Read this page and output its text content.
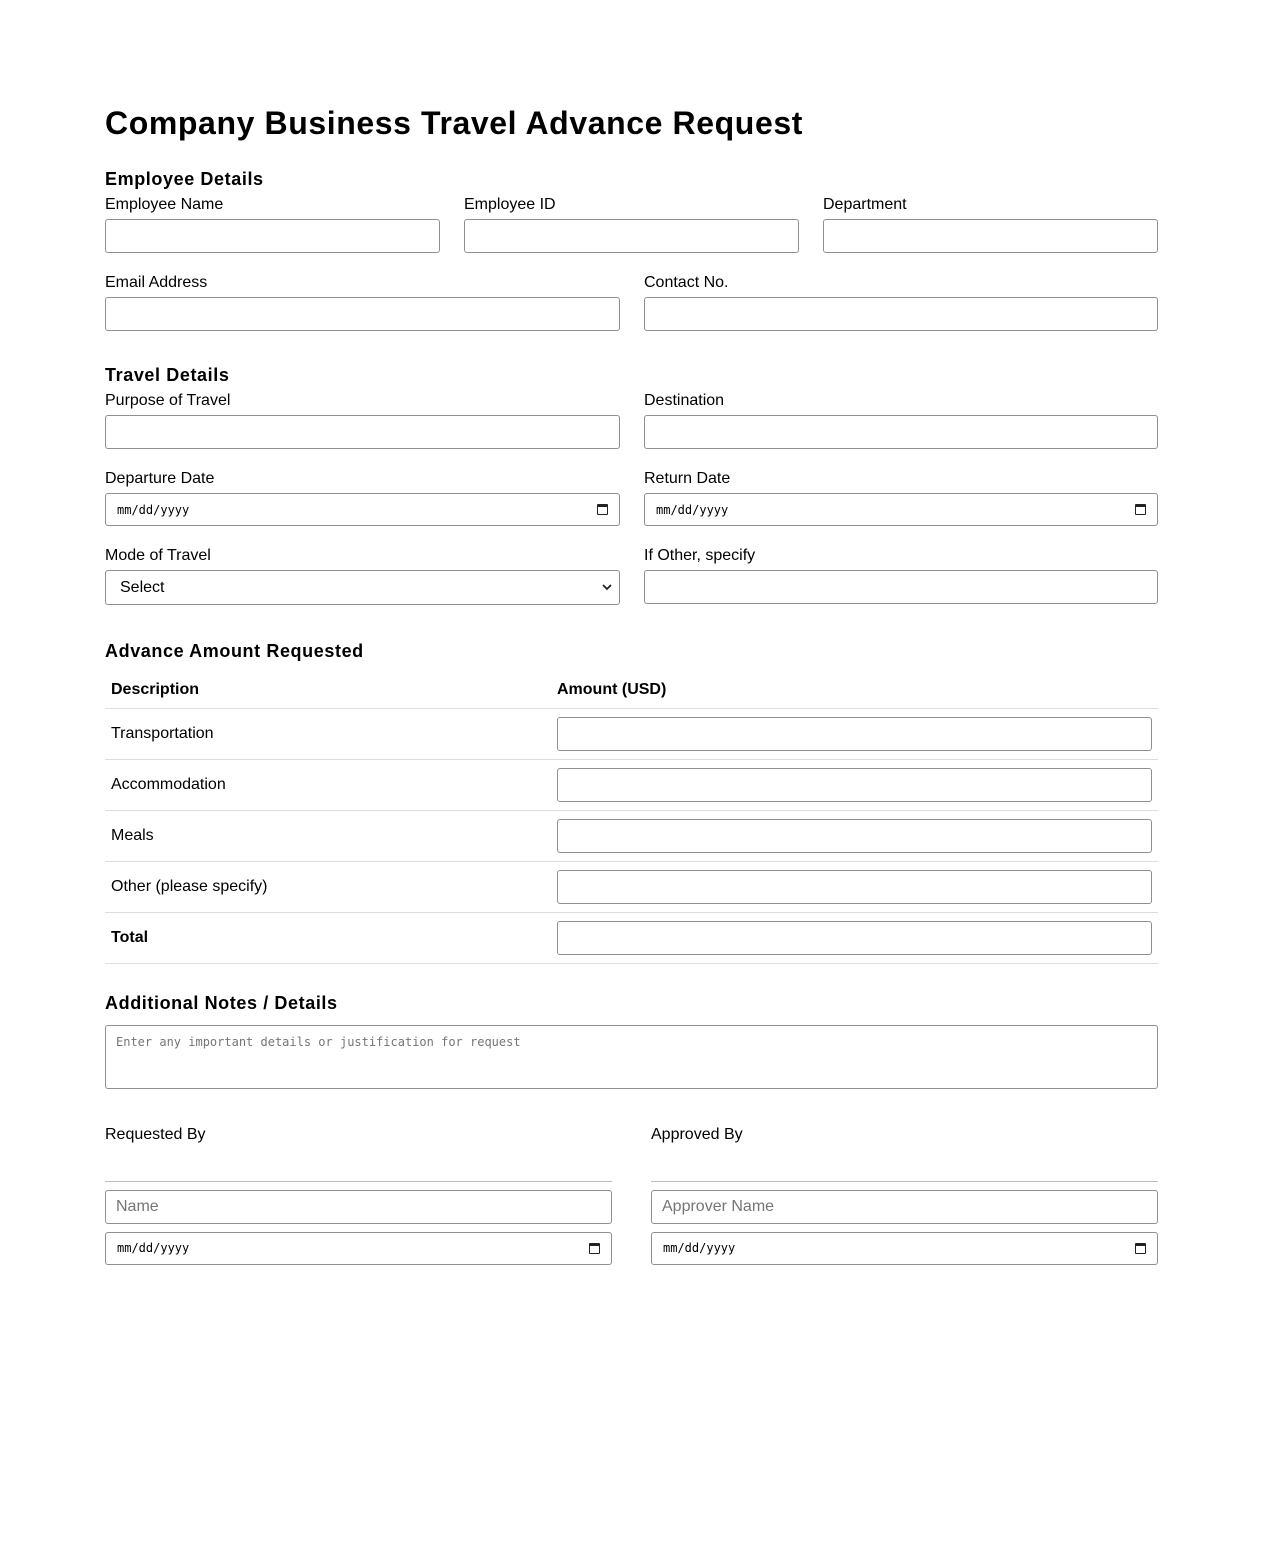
Company Business Travel Advance Request
Employee Details
Employee Name	Employee ID	Department
Email Address	Contact No.
Travel Details
Purpose of Travel	Destination
Departure Date
mm/dd/yyyy
Return Date
mm/dd/yyyy
Mode of Travel
Select
If Other, specify
Advance Amount Requested
Description	Amount (USD)
Transportation	
Accommodation	
Meals	
Other (please specify)	
Total	
Additional Notes / Details
Enter any important details or justification for request
Requested By
Name
mm/dd/yyyy
Approved By
Approver Name
mm/dd/yyyy
